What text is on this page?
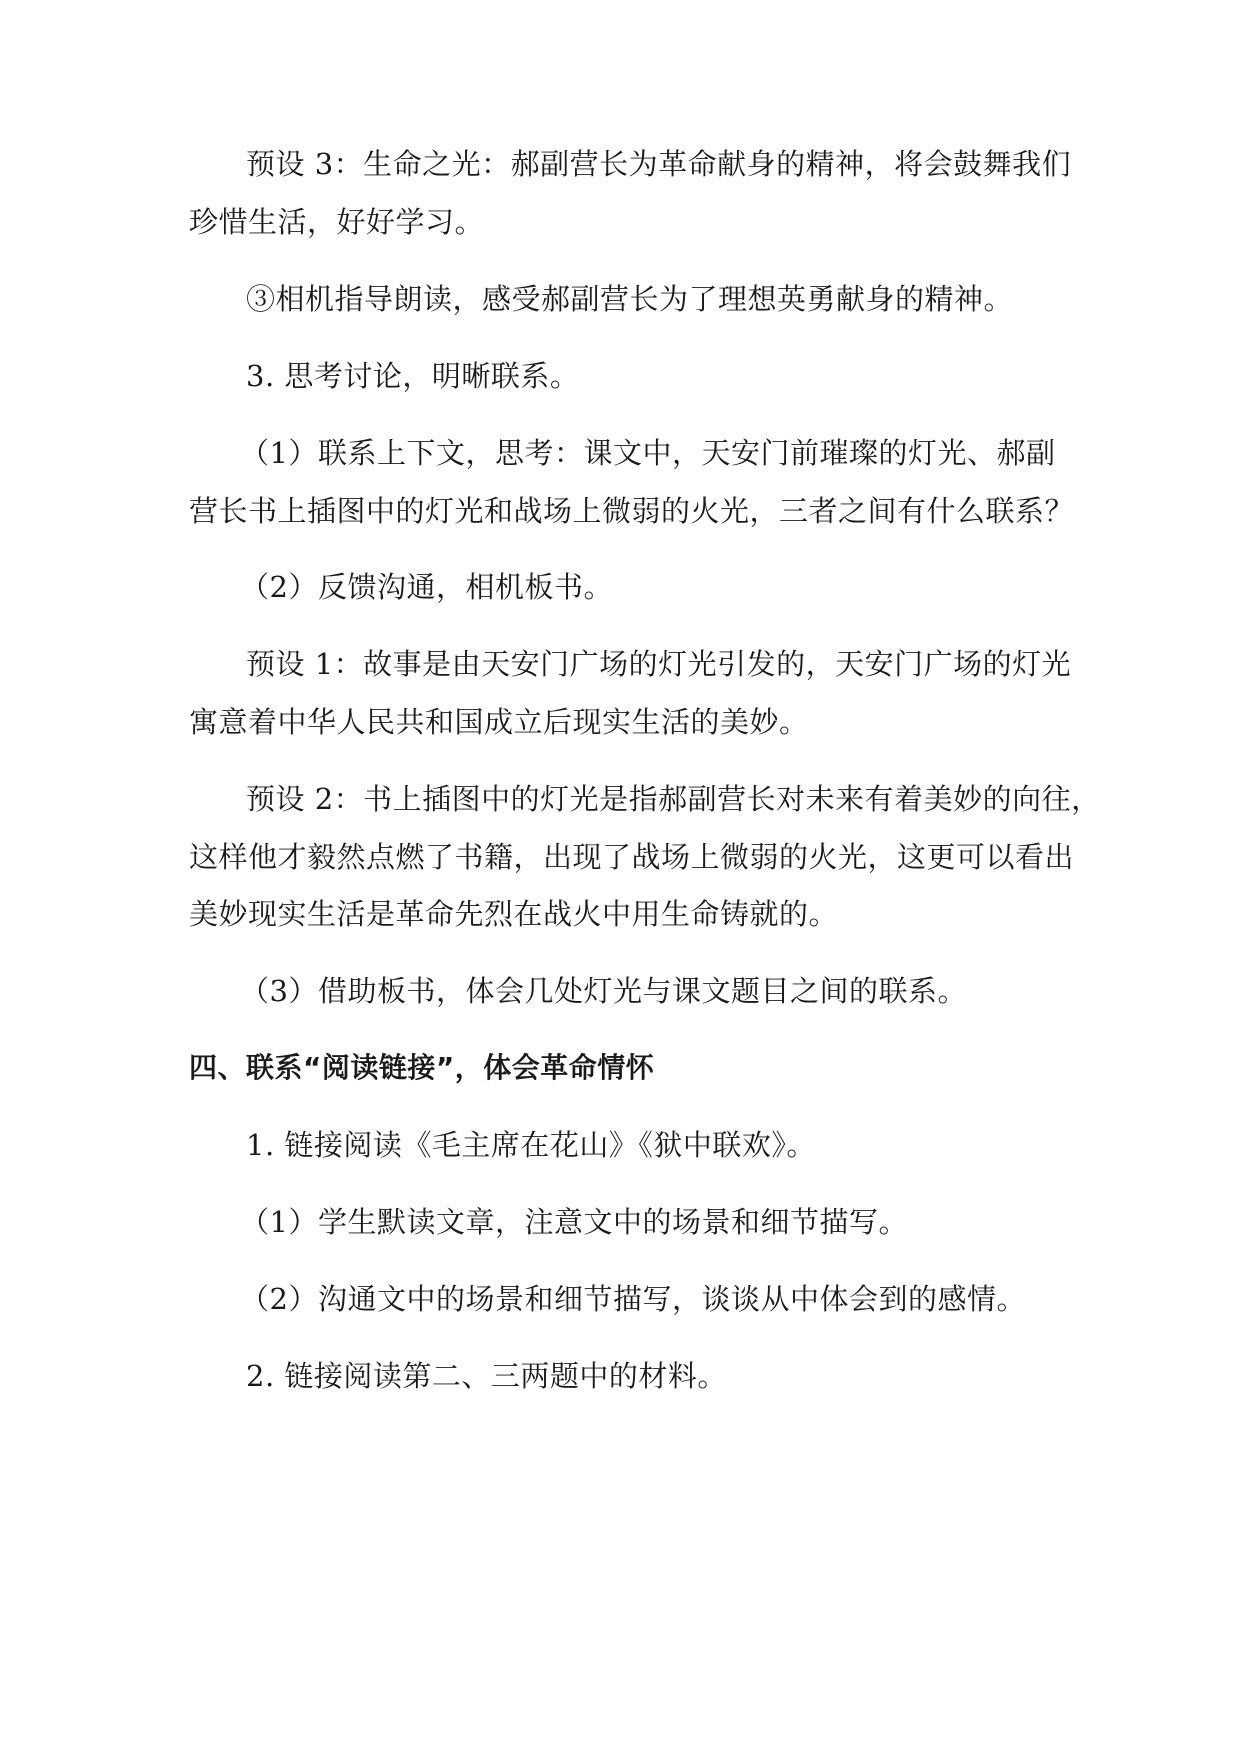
预设 3：生命之光：郝副营长为革命献身的精神，将会鼓舞我们
珍惜生活，好好学习。
③相机指导朗读，感受郝副营长为了理想英勇献身的精神。
3. 思考讨论，明晰联系。
（1）联系上下文，思考：课文中，天安门前璀璨的灯光、郝副
营长书上插图中的灯光和战场上微弱的火光，三者之间有什么联系？
（2）反馈沟通，相机板书。
预设 1：故事是由天安门广场的灯光引发的，天安门广场的灯光
寓意着中华人民共和国成立后现实生活的美妙。
预设 2：书上插图中的灯光是指郝副营长对未来有着美妙的向往，
这样他才毅然点燃了书籍，出现了战场上微弱的火光，这更可以看出
美妙现实生活是革命先烈在战火中用生命铸就的。
（3）借助板书，体会几处灯光与课文题目之间的联系。
四、联系“阅读链接”，体会革命情怀
1. 链接阅读《毛主席在花山》《狱中联欢》。
（1）学生默读文章，注意文中的场景和细节描写。
（2）沟通文中的场景和细节描写，谈谈从中体会到的感情。
2. 链接阅读第二、三两题中的材料。
